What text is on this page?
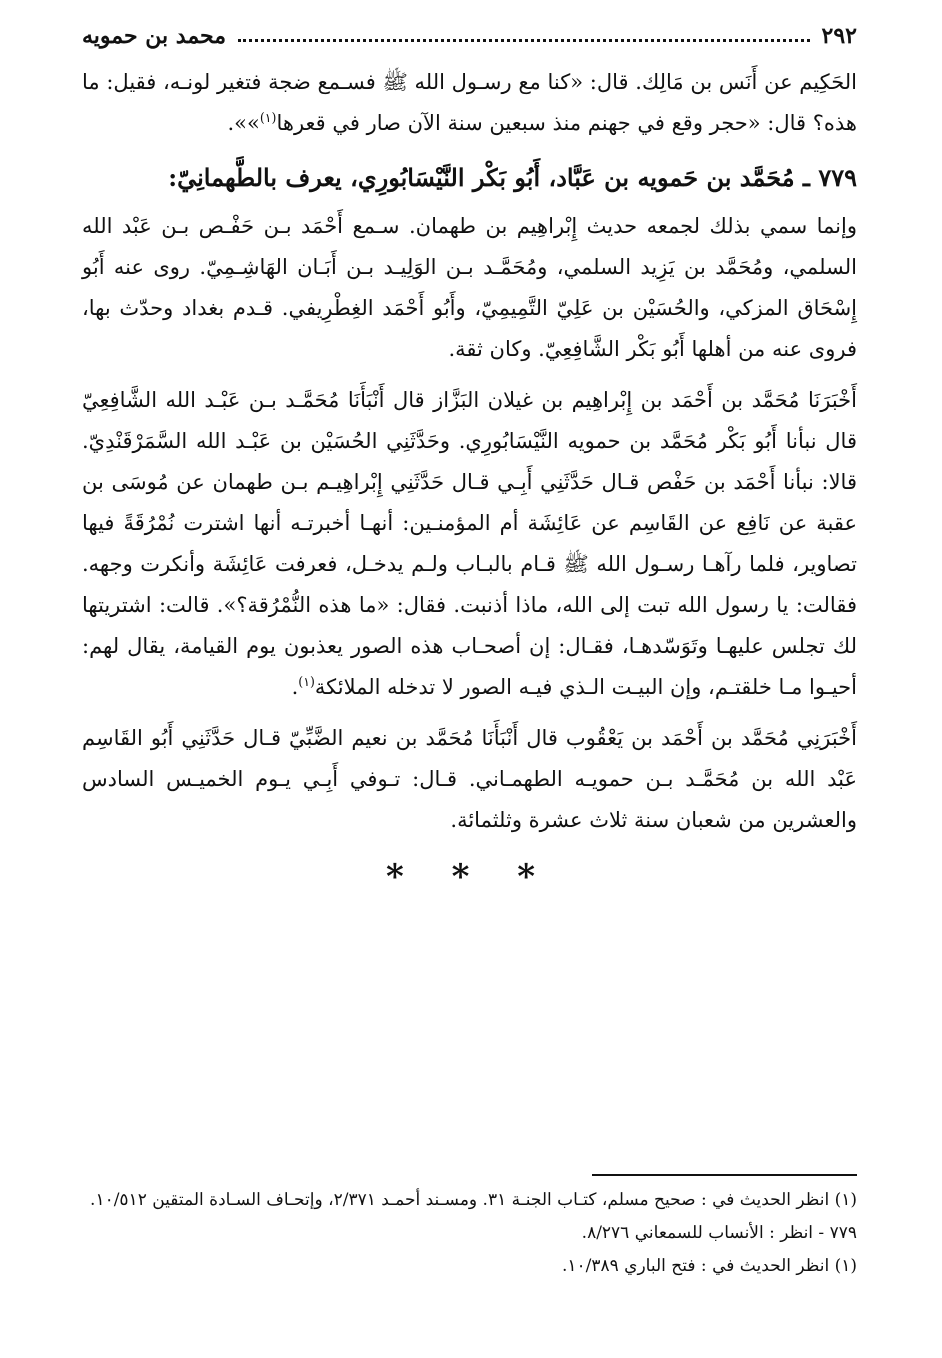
٢٩٢
محمد بن حمويه

الحَكِيم عن أَنَس بن مَالِك. قال: «كنا مع رسـول الله ﷺ فسـمع ضجة فتغير لونـه، فقيل: ما هذه؟ قال: «حجر وقع في جهنم منذ سبعين سنة الآن صار في قعرها$^{(١)}$»».

٧٧٩ ـ مُحَمَّد بن حَمويه بن عَبَّاد، أَبُو بَكْر النَّيْسَابُورِي، يعرف بالطَّهمانِيّ:

وإنما سمي بذلك لجمعه حديث إِبْراهِيم بن طهمان. سـمع أَحْمَد بـن حَفْـص بـن عَبْد الله السلمي، ومُحَمَّد بن يَزِيد السلمي، ومُحَمَّـد بـن الوَلِيـد بـن أَبَـان الهَاشِـمِيّ. روى عنه أَبُو إِسْحَاق المزكي، والحُسَيْن بن عَلِيّ التَّمِيمِيّ، وأَبُو أَحْمَد الغِطْرِيفي. قـدم بغداد وحدّث بها، فروى عنه من أهلها أَبُو بَكْر الشَّافِعِيّ. وكان ثقة.

أَخْبَرَنَا مُحَمَّد بن أَحْمَد بن إِبْراهِيم بن غيلان البَزَّاز قال أَنْبَأَنَا مُحَمَّـد بـن عَبْـد الله الشَّافِعِيّ قال نبأنا أَبُو بَكْر مُحَمَّد بن حمويه النَّيْسَابُورِي. وحَدَّثَنِي الحُسَيْن بن عَبْـد الله السَّمَرْقَنْدِيّ. قالا: نبأنا أَحْمَد بن حَفْص قـال حَدَّثَنِي أَبِـي قـال حَدَّثَنِي إِبْراهِيـم بـن طهمان عن مُوسَى بن عقبة عن نَافِع عن القَاسِم عن عَائِشَة أم المؤمنـين: أنهـا أخبرتـه أنها اشترت نُمْرُقَةً فيها تصاوير، فلما رآهـا رسـول الله ﷺ قـام بالبـاب ولـم يدخـل، فعرفت عَائِشَة وأنكرت وجهه. فقالت: يا رسول الله تبت إلى الله، ماذا أذنبت. فقال: «ما هذه النُّمْرُقة؟». قالت: اشتريتها لك تجلس عليهـا وتَوَسّدهـا، فقـال: إن أصحـاب هذه الصور يعذبون يوم القيامة، يقال لهم: أحيـوا مـا خلقتـم، وإن البيـت الـذي فيـه الصور لا تدخله الملائكة$^{(١)}$.

أَخْبَرَنِي مُحَمَّد بن أَحْمَد بن يَعْقُوب قال أَنْبَأَنَا مُحَمَّد بن نعيم الضَّبِّيّ قـال حَدَّثَنِي أَبُو القَاسِم عَبْد الله بن مُحَمَّـد بـن حمويـه الطهمـاني. قـال: تـوفي أَبِـي يـوم الخميـس السادس والعشرين من شعبان سنة ثلاث عشرة وثلثمائة.

* * *

(١) انظر الحديث في : صحيح مسلم، كتـاب الجنـة ٣١. ومسـند أحمـد ٢/٣٧١، وإتحـاف السـادة المتقين ١٠/٥١٢.

٧٧٩ - انظر : الأنساب للسمعاني ٨/٢٧٦.

(١) انظر الحديث في : فتح الباري ١٠/٣٨٩.
